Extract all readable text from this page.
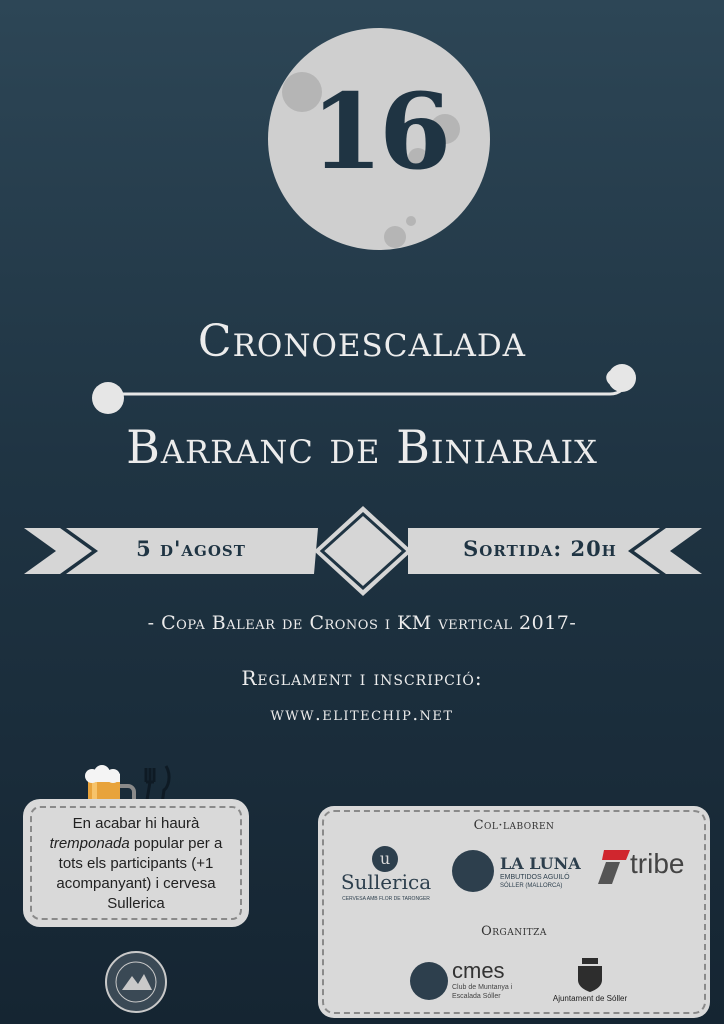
16
Cronoescalada
Barranc de Biniaraix
5 d'agost	Sortida: 20h
- Copa Balear de Cronos i KM vertical 2017-
Reglament i inscripció:
www.elitechip.net
En acabar hi haurà tremponada popular per a tots els participants (+1 acompanyant) i cervesa Sullerica
Col·laboren
u
Sullerica
CERVESA AMB FLOR DE TARONGER
LA LUNA
EMBUTIDOS AGUILÓ
SÓLLER (MALLORCA)
tribe
Organitza
cmes
Club de Muntanya i
Escalada Sóller	Ajuntament de Sóller
